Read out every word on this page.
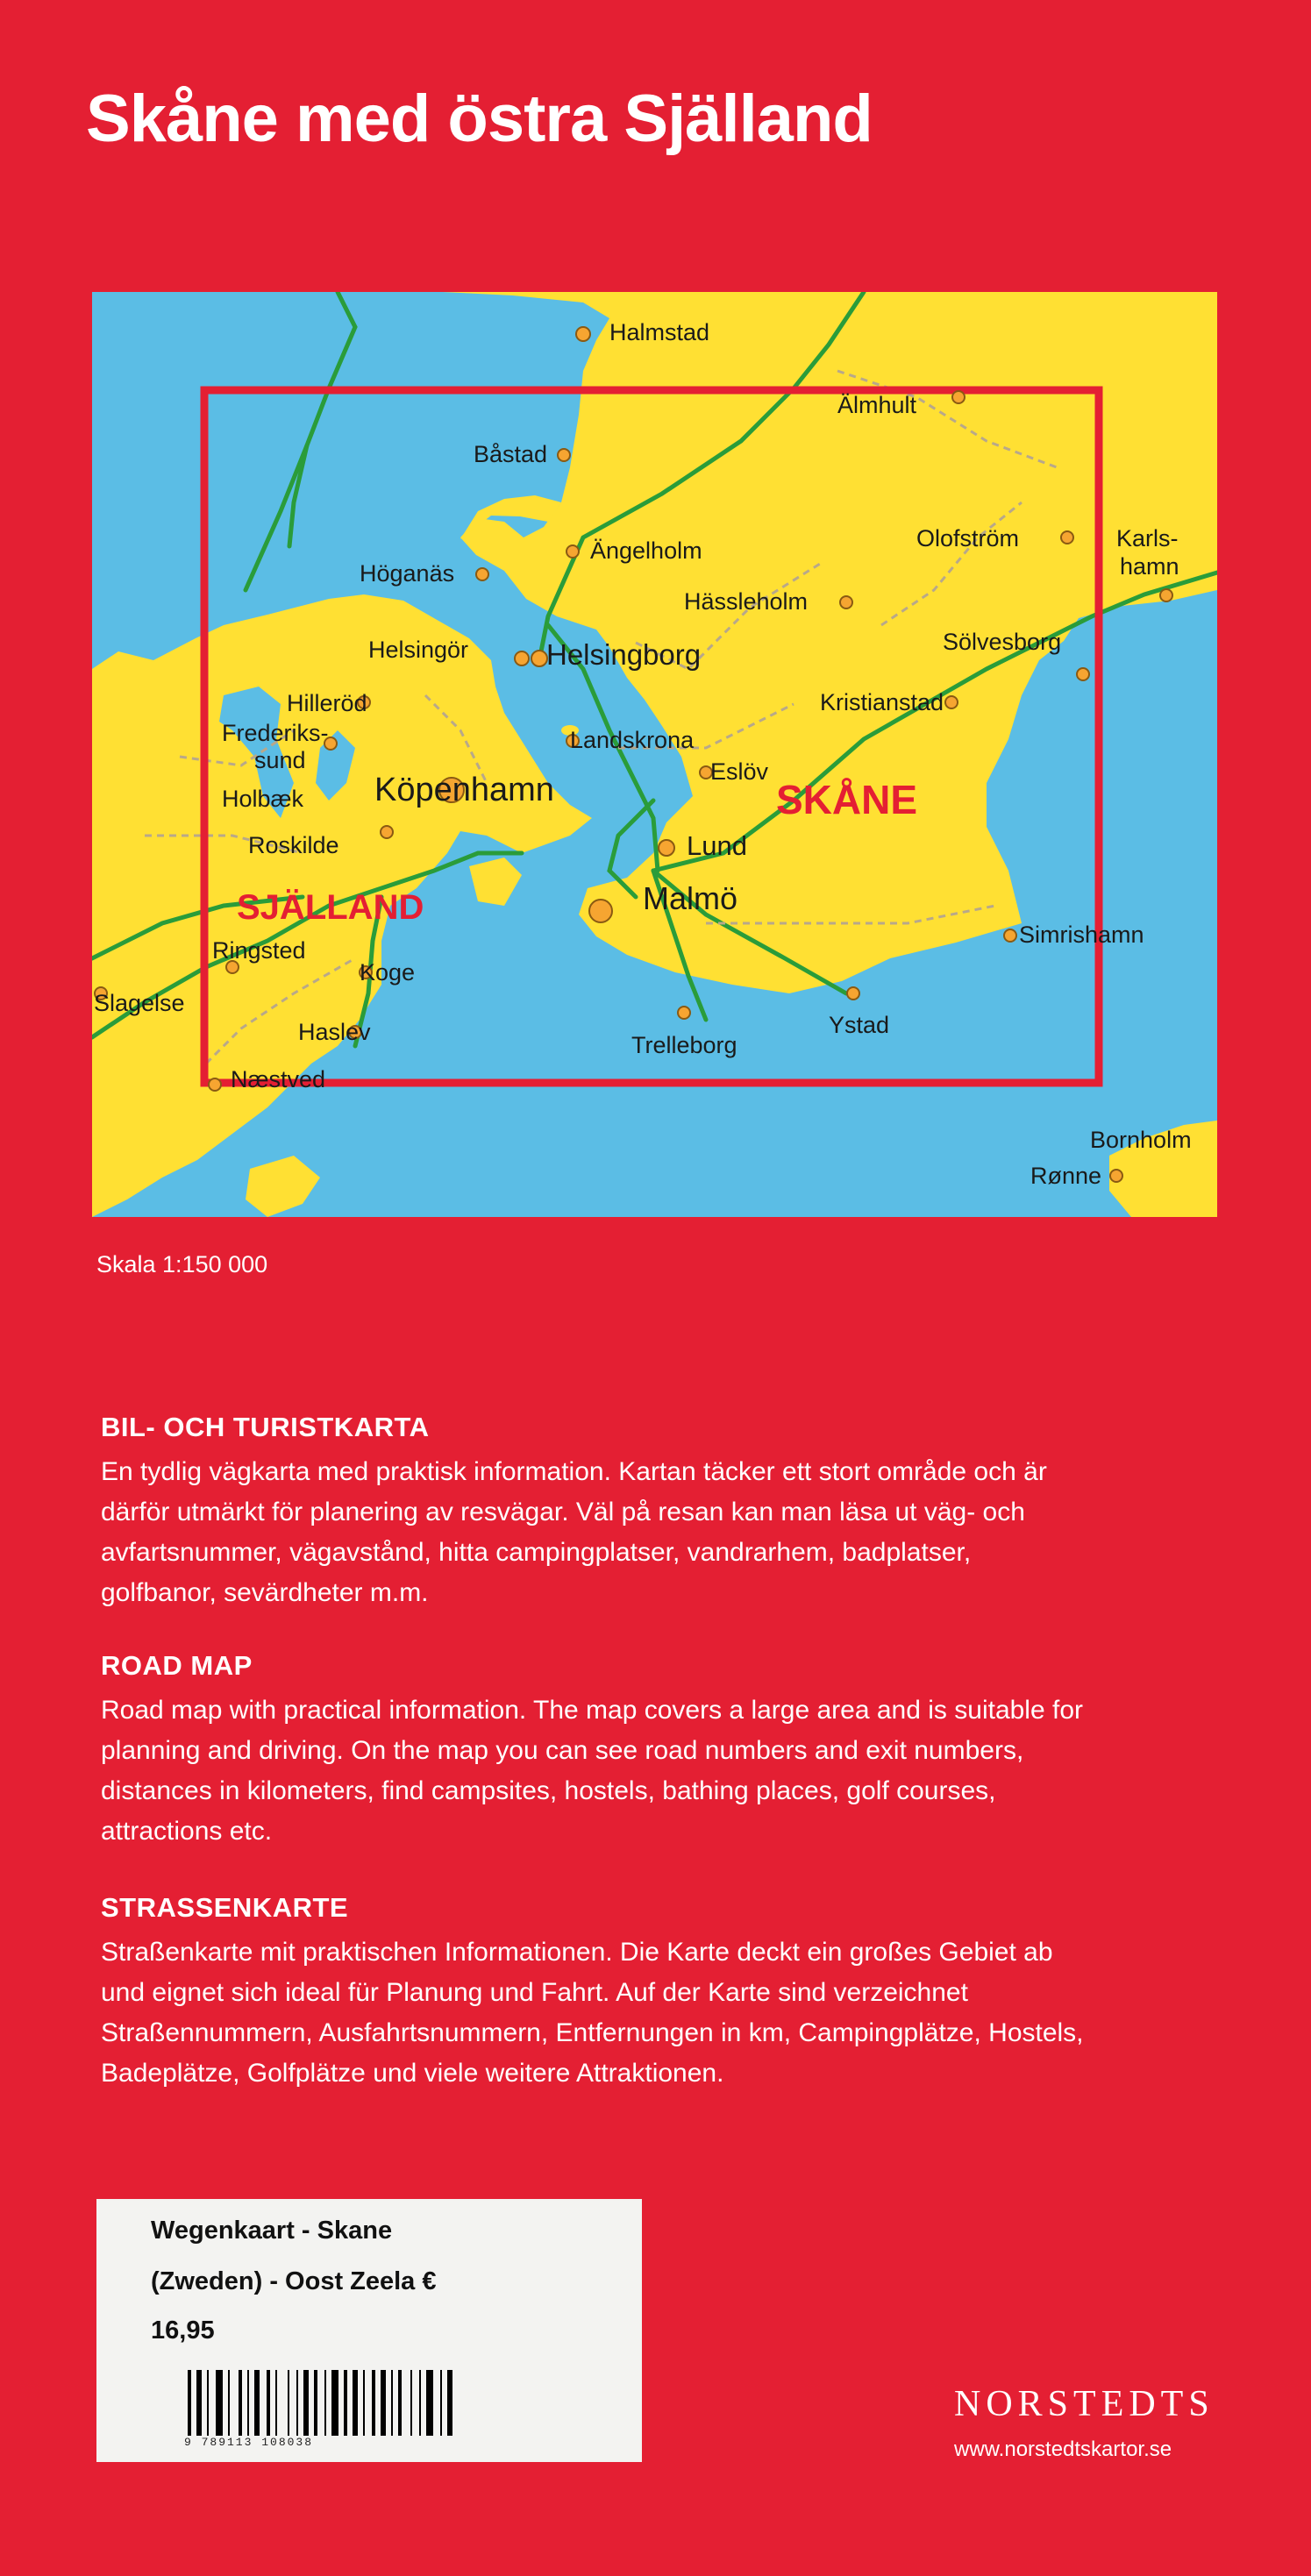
Skåne med östra Själland
Halmstad
Älmhult
Båstad
Ängelholm	Olofström	Karls-
hamn
Höganäs
Hässleholm
Sölvesborg
Helsingör	Helsingborg
Kristianstad
Hilleröd
Frederiks-
sund
Landskrona
Eslöv
Holbæk Köpenhamn
Roskilde	Lund
Malmö
Ringsted
Koge
Simrishamn
Slagelse
Haslev	Ystad
Trelleborg
Næstved
Bornholm
Rønne
SJÄLLAND
SKÅNE
Skala 1:150 000
BIL- OCH TURISTKARTA

En tydlig vägkarta med praktisk information. Kartan täcker ett stort område och är
därför utmärkt för planering av resvägar. Väl på resan kan man läsa ut väg- och
avfartsnummer, vägavstånd, hitta campingplatser, vandrarhem, badplatser,
golfbanor, sevärdheter m.m.

ROAD MAP

Road map with practical information. The map covers a large area and is suitable for
planning and driving. On the map you can see road numbers and exit numbers,
distances in kilometers, find campsites, hostels, bathing places, golf courses,
attractions etc.

STRASSENKARTE

Straßenkarte mit praktischen Informationen. Die Karte deckt ein großes Gebiet ab
und eignet sich ideal für Planung und Fahrt. Auf der Karte sind verzeichnet
Straßennummern, Ausfahrtsnummern, Entfernungen in km, Campingplätze, Hostels,
Badeplätze, Golfplätze und viele weitere Attraktionen.

Wegenkaart - Skane
(Zweden) - Oost Zeela €
16,95
9 789113 108038
NORSTEDTS
www.norstedtskartor.se
